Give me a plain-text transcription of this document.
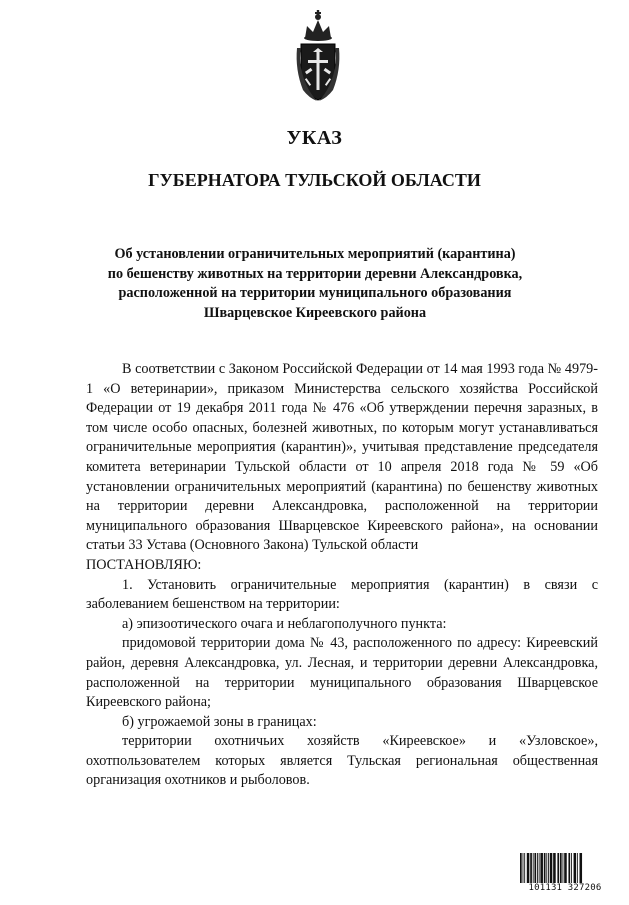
УКАЗ
ГУБЕРНАТОРА ТУЛЬСКОЙ ОБЛАСТИ
Об установлении ограничительных мероприятий (карантина)
по бешенству животных на территории деревни Александровка,
расположенной на территории муниципального образования
Шварцевское Киреевского района

В соответствии с Законом Российской Федерации от 14 мая 1993 года № 4979-1 «О ветеринарии», приказом Министерства сельского хозяйства Российской Федерации от 19 декабря 2011 года № 476 «Об утверждении перечня заразных, в том числе особо опасных, болезней животных, по которым могут устанавливаться ограничительные мероприятия (карантин)», учитывая представление председателя комитета ветеринарии Тульской области от 10 апреля 2018 года № 59 «Об установлении ограничительных мероприятий (карантина) по бешенству животных на территории деревни Александровка, расположенной на территории муниципального образования Шварцевское Киреевского района», на основании статьи 33 Устава (Основного Закона) Тульской области

ПОСТАНОВЛЯЮ:

1. Установить ограничительные мероприятия (карантин) в связи с заболеванием бешенством на территории:

а) эпизоотического очага и неблагополучного пункта:

придомовой территории дома № 43, расположенного по адресу: Киреевский район, деревня Александровка, ул. Лесная, и территории деревни Александровка, расположенной на территории муниципального образования Шварцевское Киреевского района;

б) угрожаемой зоны в границах:

территории охотничьих хозяйств «Киреевское» и «Узловское», охотпользователем которых является Тульская региональная общественная организация охотников и рыболовов.

101131 327206
